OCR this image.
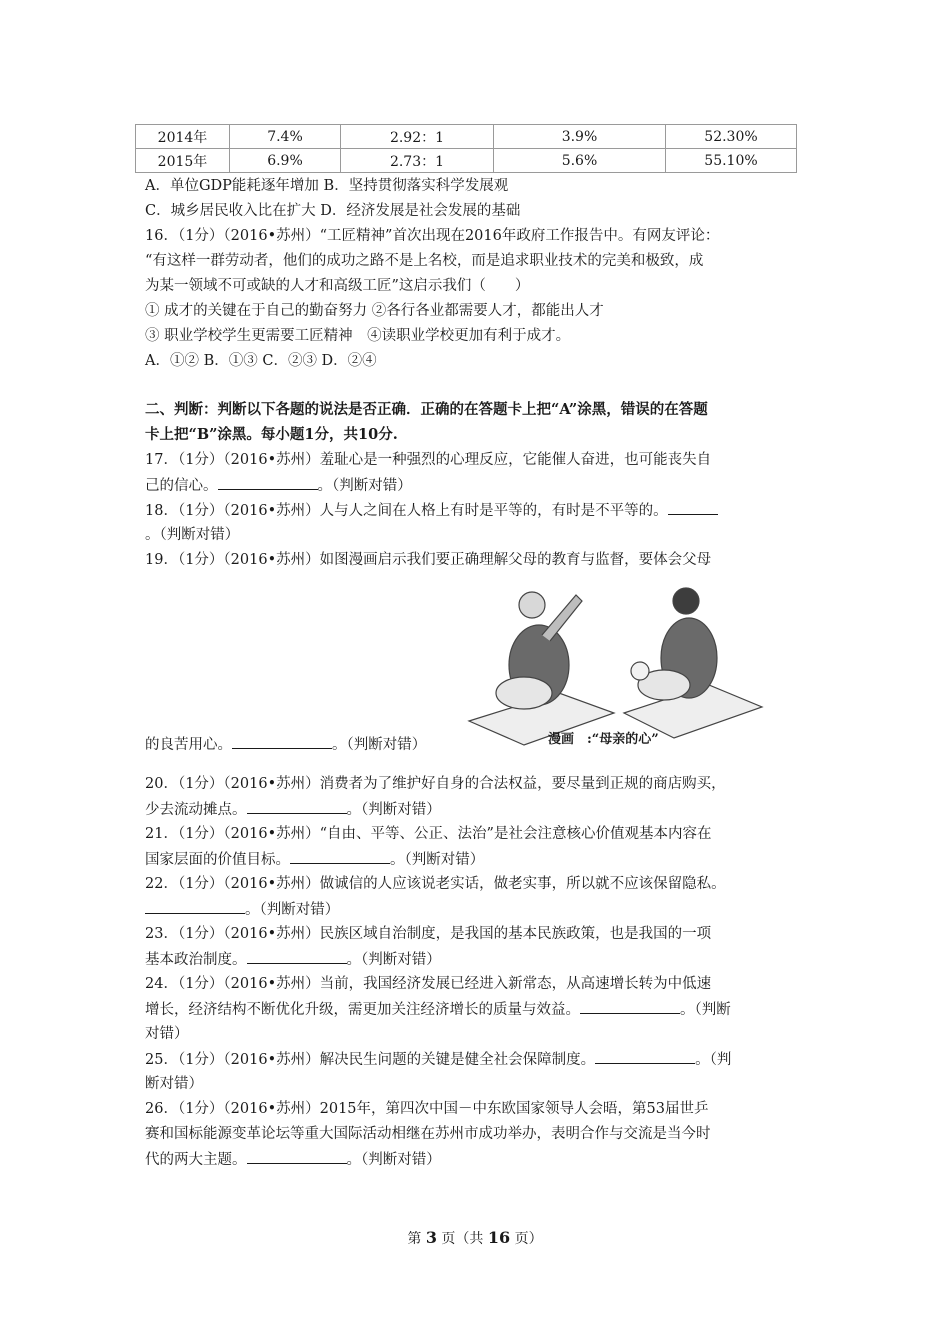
2014年	7.4%	2.92：1	3.9%	52.30%
2015年	6.9%	2.73：1	5.6%	55.10%
A．单位GDP能耗逐年增加 B．坚持贯彻落实科学发展观
C．城乡居民收入比在扩大 D．经济发展是社会发展的基础
16．（1分）（2016•苏州）“工匠精神”首次出现在2016年政府工作报告中。有网友评论：
“有这样一群劳动者，他们的成功之路不是上名校，而是追求职业技术的完美和极致，成
为某一领域不可或缺的人才和高级工匠”这启示我们（　　）
① 成才的关键在于自己的勤奋努力 ②各行各业都需要人才，都能出人才
③ 职业学校学生更需要工匠精神　④读职业学校更加有利于成才。
A．①② B．①③ C．②③ D．②④
二、判断：判断以下各题的说法是否正确．正确的在答题卡上把“A”涂黑，错误的在答题
卡上把“B”涂黑。每小题1分，共10分.
17．（1分）（2016•苏州）羞耻心是一种强烈的心理反应，它能催人奋进，也可能丧失自
己的信心。	。（判断对错）
18．（1分）（2016•苏州）人与人之间在人格上有时是平等的，有时是不平等的。
。（判断对错）
19．（1分）（2016•苏州）如图漫画启示我们要正确理解父母的教育与监督，要体会父母
漫画　:“母亲的心”
的良苦用心。	。（判断对错）
20．（1分）（2016•苏州）消费者为了维护好自身的合法权益，要尽量到正规的商店购买，
少去流动摊点。	。（判断对错）
21．（1分）（2016•苏州）“自由、平等、公正、法治”是社会注意核心价值观基本内容在
国家层面的价值目标。	。（判断对错）
22．（1分）（2016•苏州）做诚信的人应该说老实话，做老实事，所以就不应该保留隐私。
。（判断对错）
23．（1分）（2016•苏州）民族区域自治制度，是我国的基本民族政策，也是我国的一项
基本政治制度。	。（判断对错）
24．（1分）（2016•苏州）当前，我国经济发展已经进入新常态，从高速增长转为中低速
增长，经济结构不断优化升级，需更加关注经济增长的质量与效益。	。（判断
对错）
25．（1分）（2016•苏州）解决民生问题的关键是健全社会保障制度。	。（判
断对错）
26．（1分）（2016•苏州）2015年，第四次中国－中东欧国家领导人会晤，第53届世乒
赛和国标能源变革论坛等重大国际活动相继在苏州市成功举办，表明合作与交流是当今时
代的两大主题。	。（判断对错）
第 3 页（共 16 页）
